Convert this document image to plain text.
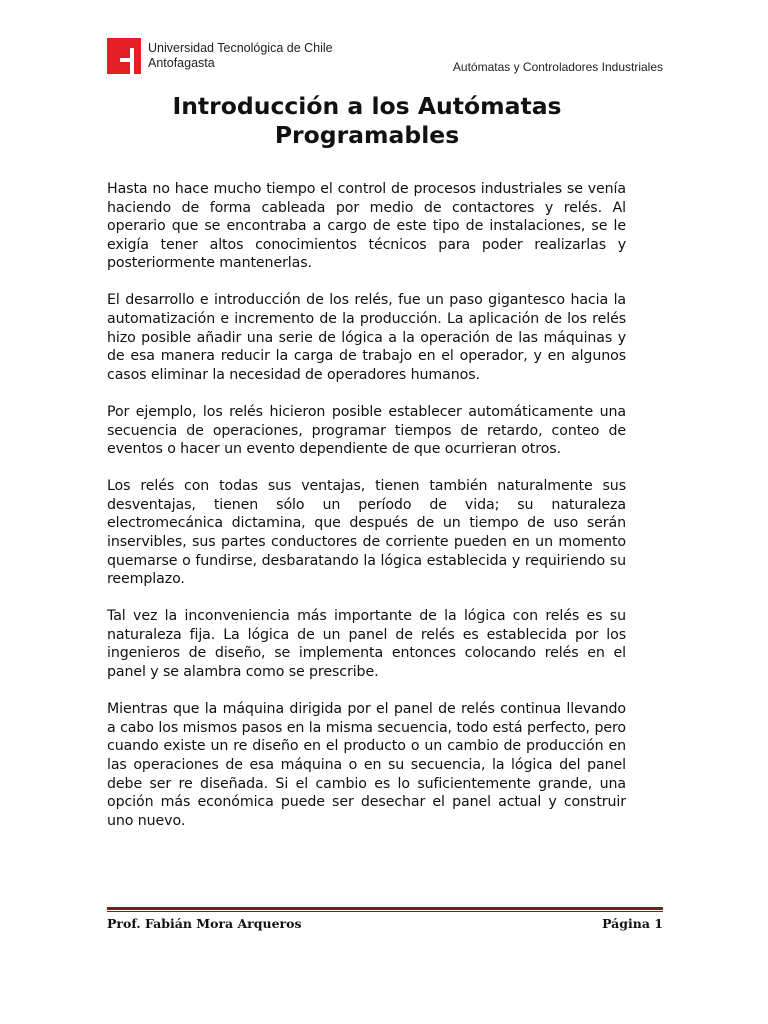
Universidad Tecnológica de Chile
Antofagasta	Autómatas y Controladores Industriales
Introducción a los Autómatas
Programables

Hasta no hace mucho tiempo el control de procesos industriales se venía haciendo de forma cableada por medio de contactores y relés. Al operario que se encontraba a cargo de este tipo de instalaciones, se le exigía tener altos conocimientos técnicos para poder realizarlas y posteriormente mantenerlas.

El desarrollo e introducción de los relés, fue un paso gigantesco hacia la automatización e incremento de la producción. La aplicación de los relés hizo posible añadir una serie de lógica a la operación de las máquinas y de esa manera reducir la carga de trabajo en el operador, y en algunos casos eliminar la necesidad de operadores humanos.

Por ejemplo, los relés hicieron posible establecer automáticamente una secuencia de operaciones, programar tiempos de retardo, conteo de eventos o hacer un evento dependiente de que ocurrieran otros.

Los relés con todas sus ventajas, tienen también naturalmente sus desventajas, tienen sólo un período de vida; su naturaleza electromecánica dictamina, que después de un tiempo de uso serán inservibles, sus partes conductores de corriente pueden en un momento quemarse o fundirse, desbaratando la lógica establecida y requiriendo su reemplazo.

Tal vez la inconveniencia más importante de la lógica con relés es su naturaleza fija. La lógica de un panel de relés es establecida por los ingenieros de diseño, se implementa entonces colocando relés en el panel y se alambra como se prescribe.

Mientras que la máquina dirigida por el panel de relés continua llevando a cabo los mismos pasos en la misma secuencia, todo está perfecto, pero cuando existe un re diseño en el producto o un cambio de producción en las operaciones de esa máquina o en su secuencia, la lógica del panel debe ser re diseñada. Si el cambio es lo suficientemente grande, una opción más económica puede ser desechar el panel actual y construir uno nuevo.

Prof. Fabián Mora Arqueros	Página 1
